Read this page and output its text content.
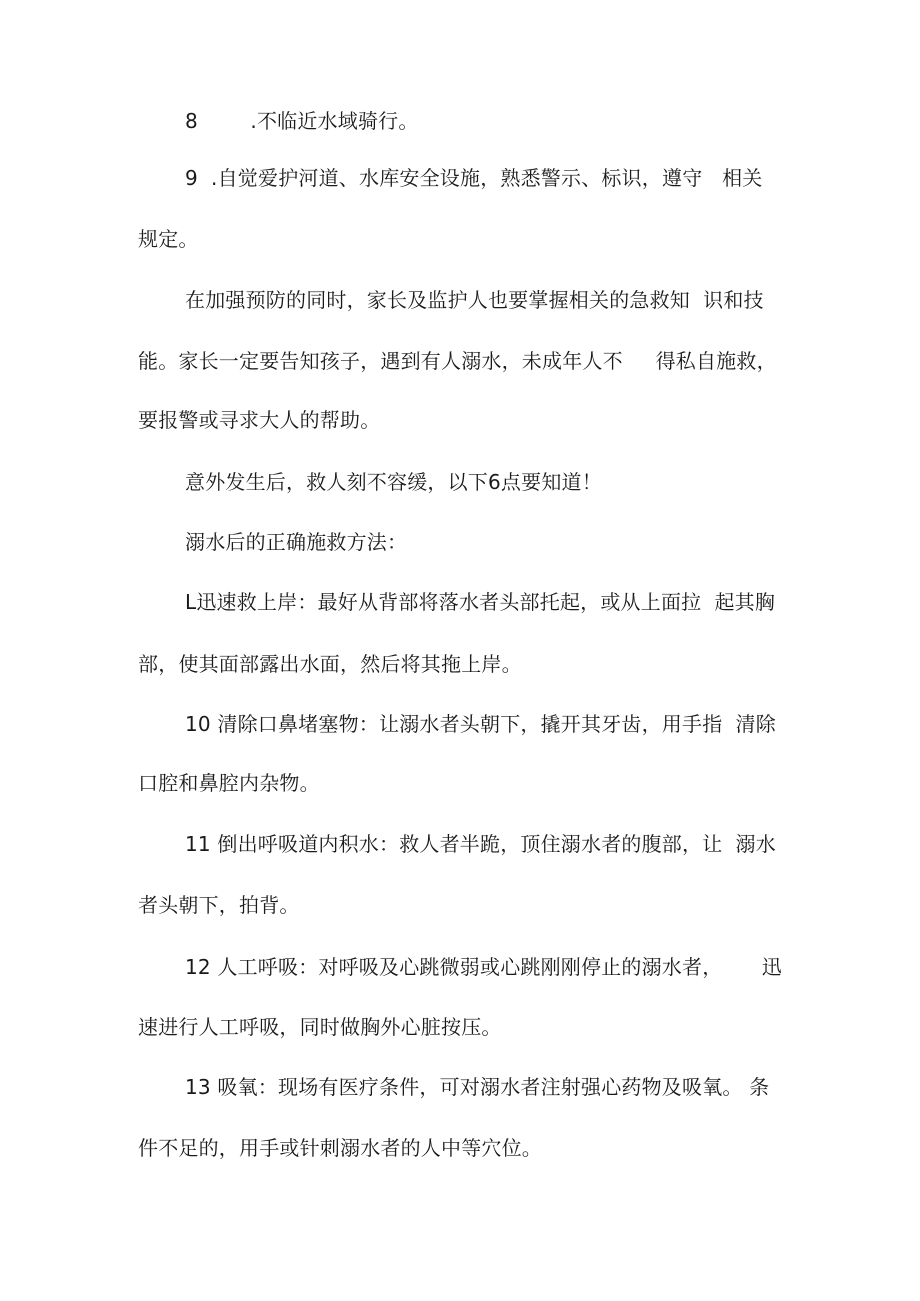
8        .不临近水域骑行。
9  .自觉爱护河道、水库安全设施，熟悉警示、标识，遵守   相关
规定。
在加强预防的同时，家长及监护人也要掌握相关的急救知  识和技
能。家长一定要告知孩子，遇到有人溺水，未成年人不     得私自施救，
要报警或寻求大人的帮助。
意外发生后，救人刻不容缓，以下6点要知道！
溺水后的正确施救方法：
L迅速救上岸：最好从背部将落水者头部托起，或从上面拉  起其胸
部，使其面部露出水面，然后将其拖上岸。
10 清除口鼻堵塞物：让溺水者头朝下，撬开其牙齿，用手指  清除
口腔和鼻腔内杂物。
11 倒出呼吸道内积水：救人者半跪，顶住溺水者的腹部，让  溺水
者头朝下，拍背。
12 人工呼吸：对呼吸及心跳微弱或心跳刚刚停止的溺水者，      迅
速进行人工呼吸，同时做胸外心脏按压。
13 吸氧：现场有医疗条件，可对溺水者注射强心药物及吸氧。 条
件不足的，用手或针刺溺水者的人中等穴位。
